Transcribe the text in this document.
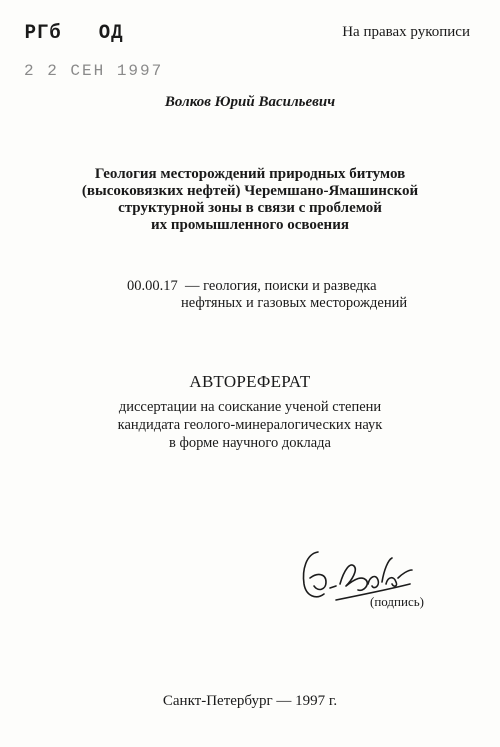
РГб   ОД
2 2 СЕН 1997
На правах рукописи
Волков Юрий Васильевич
Геология месторождений природных битумов
(высоковязких нефтей) Черемшано-Ямашинской
структурной зоны в связи с проблемой
их промышленного освоения
00.00.17  — геология, поиски и разведка
нефтяных и газовых месторождений
АВТОРЕФЕРАТ
диссертации на соискание ученой степени
кандидата геолого-минералогических наук
в форме научного доклада
(подпись)
Санкт-Петербург — 1997 г.
